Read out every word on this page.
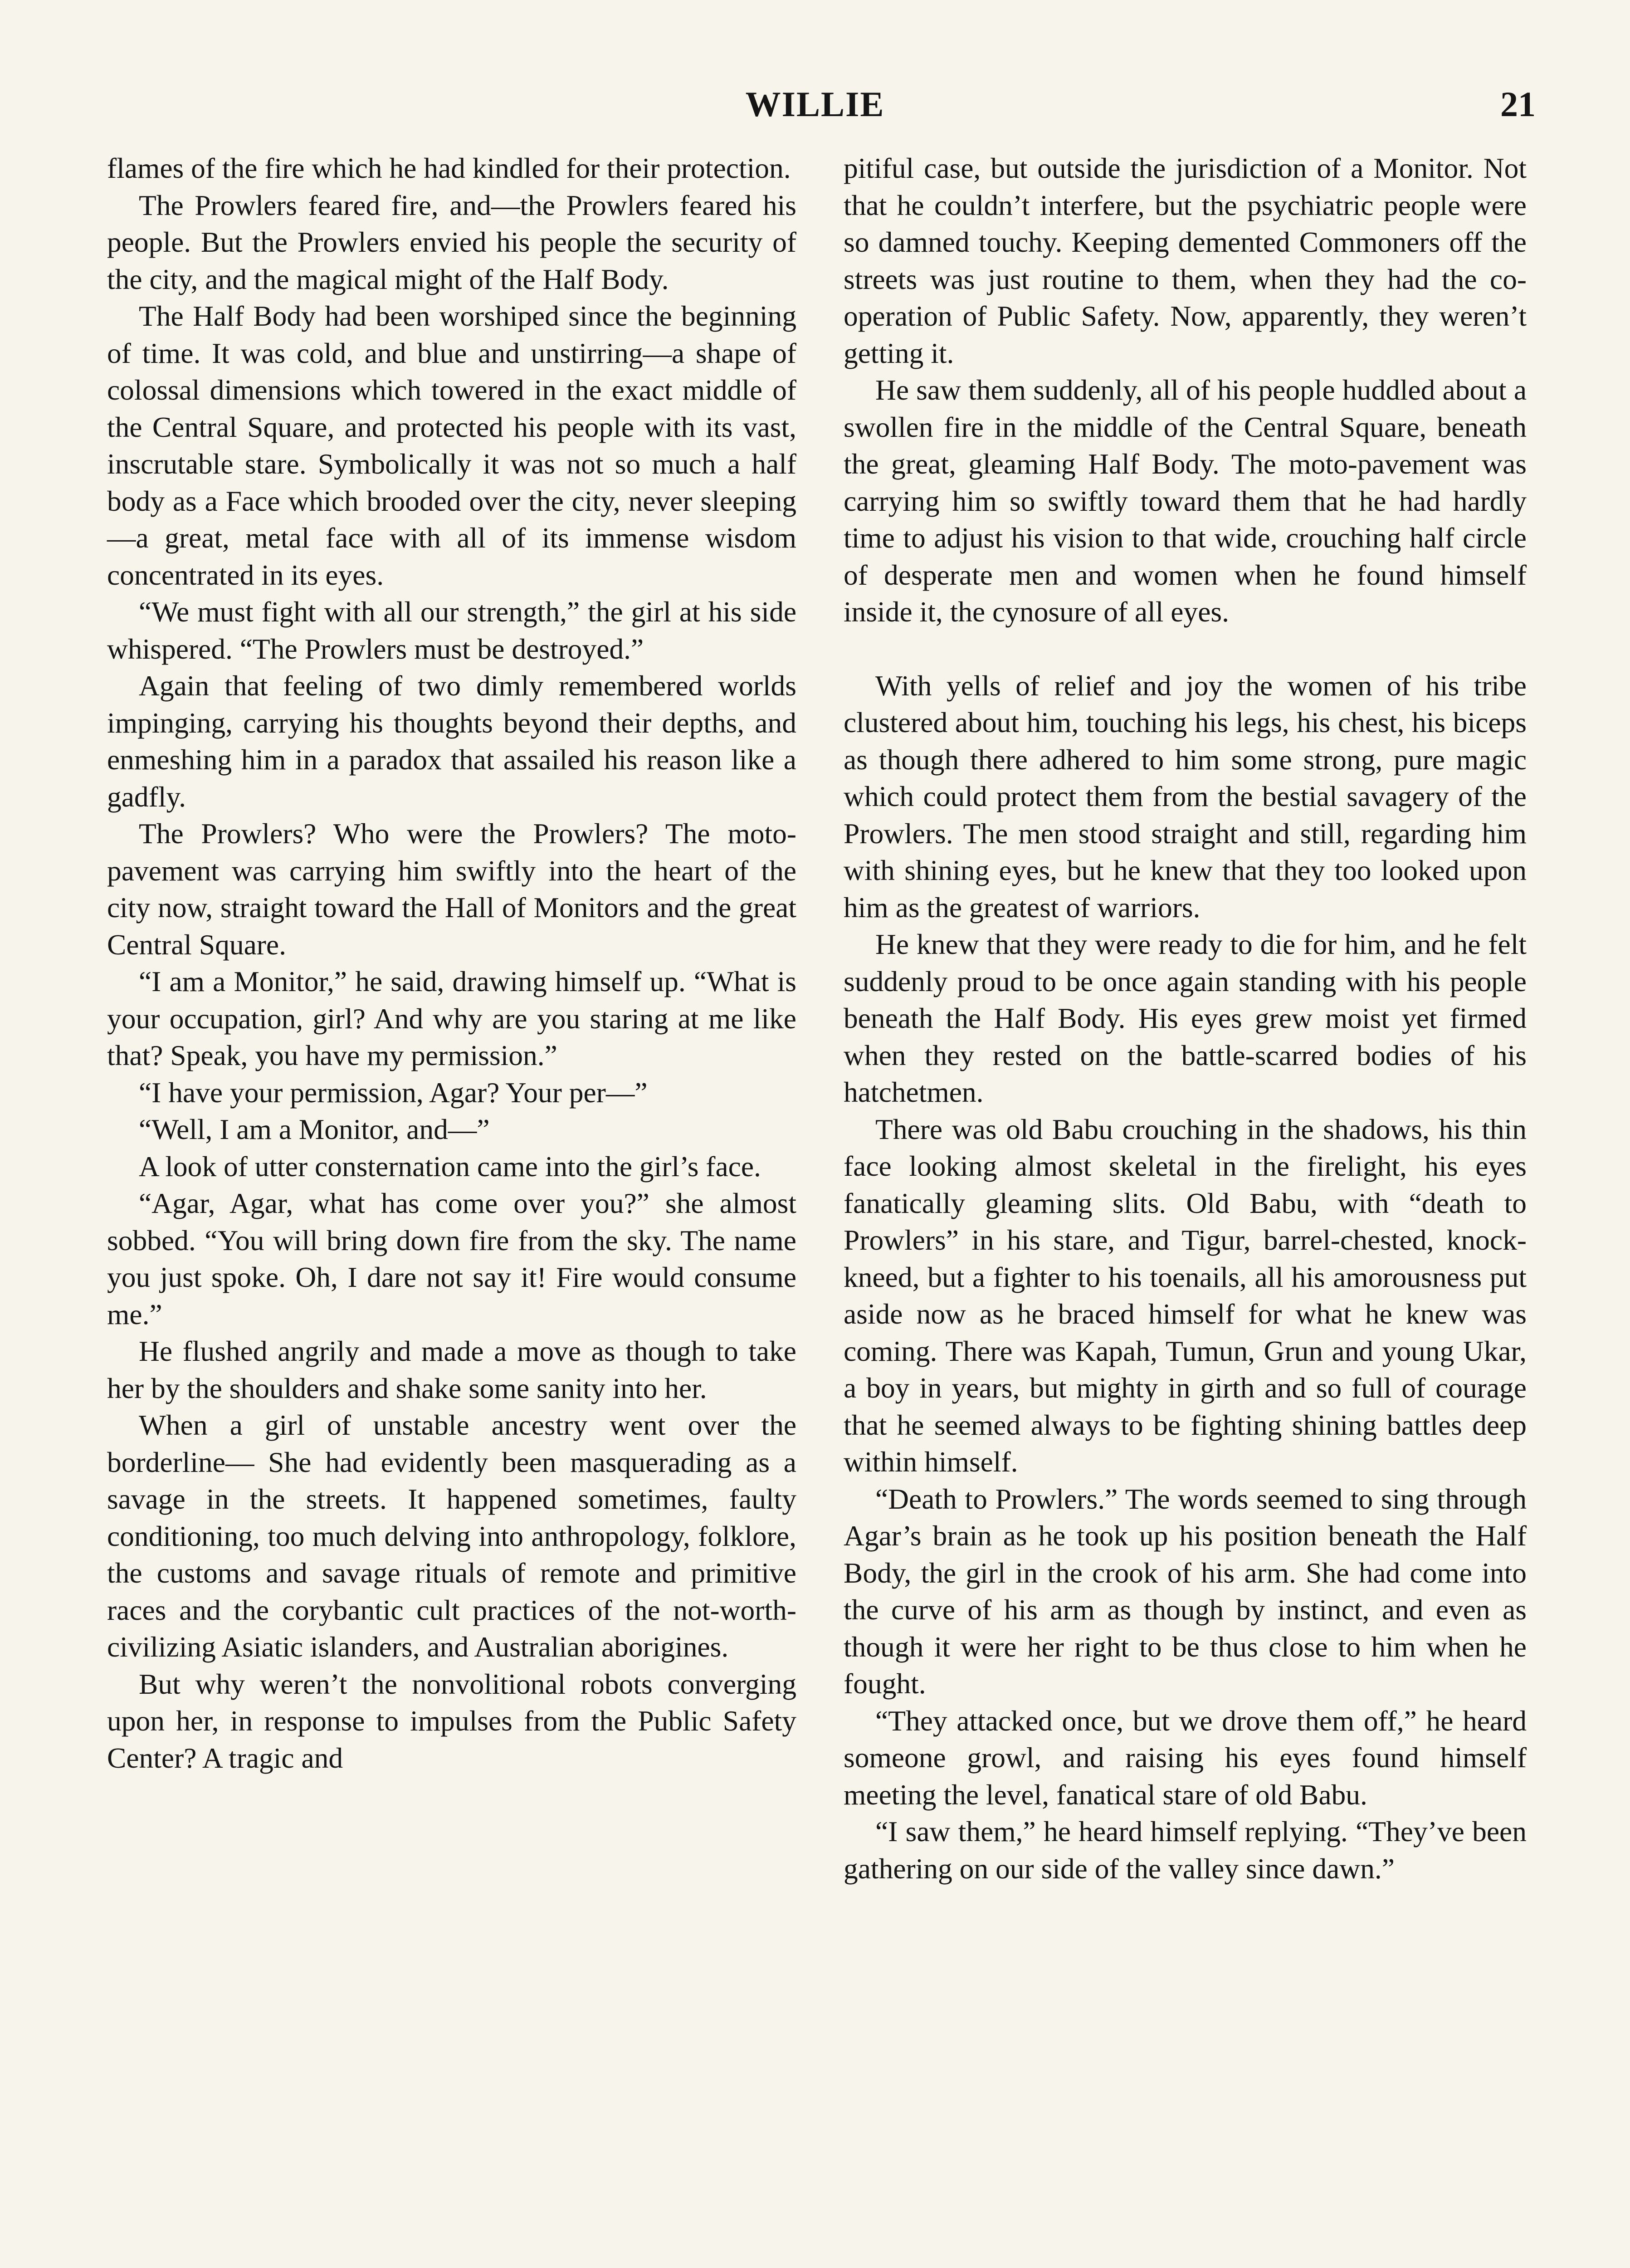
WILLIE	21

flames of the fire which he had kindled for their protection.

The Prowlers feared fire, and—the Prowlers feared his people. But the Prowlers envied his people the security of the city, and the magical might of the Half Body.

The Half Body had been worshiped since the beginning of time. It was cold, and blue and unstirring—a shape of colossal dimensions which towered in the exact middle of the Central Square, and protected his people with its vast, inscrutable stare. Symbolically it was not so much a half body as a Face which brooded over the city, never sleeping—a great, metal face with all of its immense wisdom concentrated in its eyes.

“We must fight with all our strength,” the girl at his side whispered. “The Prowlers must be destroyed.”

Again that feeling of two dimly remembered worlds impinging, carrying his thoughts beyond their depths, and enmeshing him in a paradox that assailed his reason like a gadfly.

The Prowlers? Who were the Prowlers? The moto-pavement was carrying him swiftly into the heart of the city now, straight toward the Hall of Monitors and the great Central Square.

“I am a Monitor,” he said, drawing himself up. “What is your occupation, girl? And why are you staring at me like that? Speak, you have my permission.”

“I have your permission, Agar? Your per—”

“Well, I am a Monitor, and—”

A look of utter consternation came into the girl’s face.

“Agar, Agar, what has come over you?” she almost sobbed. “You will bring down fire from the sky. The name you just spoke. Oh, I dare not say it! Fire would consume me.”

He flushed angrily and made a move as though to take her by the shoulders and shake some sanity into her.

When a girl of unstable ancestry went over the borderline— She had evidently been masquerading as a savage in the streets. It happened sometimes, faulty conditioning, too much delving into anthropology, folklore, the customs and savage rituals of remote and primitive races and the corybantic cult practices of the not-worth-civilizing Asiatic islanders, and Australian aborigines.

But why weren’t the nonvolitional robots converging upon her, in response to impulses from the Public Safety Center? A tragic and

pitiful case, but outside the jurisdiction of a Monitor. Not that he couldn’t interfere, but the psychiatric people were so damned touchy. Keeping demented Commoners off the streets was just routine to them, when they had the co-operation of Public Safety. Now, apparently, they weren’t getting it.

He saw them suddenly, all of his people huddled about a swollen fire in the middle of the Central Square, beneath the great, gleaming Half Body. The moto-pavement was carrying him so swiftly toward them that he had hardly time to adjust his vision to that wide, crouching half circle of desperate men and women when he found himself inside it, the cynosure of all eyes.

With yells of relief and joy the women of his tribe clustered about him, touching his legs, his chest, his biceps as though there adhered to him some strong, pure magic which could protect them from the bestial savagery of the Prowlers. The men stood straight and still, regarding him with shining eyes, but he knew that they too looked upon him as the greatest of warriors.

He knew that they were ready to die for him, and he felt suddenly proud to be once again standing with his people beneath the Half Body. His eyes grew moist yet firmed when they rested on the battle-scarred bodies of his hatchetmen.

There was old Babu crouching in the shadows, his thin face looking almost skeletal in the firelight, his eyes fanatically gleaming slits. Old Babu, with “death to Prowlers” in his stare, and Tigur, barrel-chested, knock-kneed, but a fighter to his toenails, all his amorousness put aside now as he braced himself for what he knew was coming. There was Kapah, Tumun, Grun and young Ukar, a boy in years, but mighty in girth and so full of courage that he seemed always to be fighting shining battles deep within himself.

“Death to Prowlers.” The words seemed to sing through Agar’s brain as he took up his position beneath the Half Body, the girl in the crook of his arm. She had come into the curve of his arm as though by instinct, and even as though it were her right to be thus close to him when he fought.

“They attacked once, but we drove them off,” he heard someone growl, and raising his eyes found himself meeting the level, fanatical stare of old Babu.

“I saw them,” he heard himself replying. “They’ve been gathering on our side of the valley since dawn.”
